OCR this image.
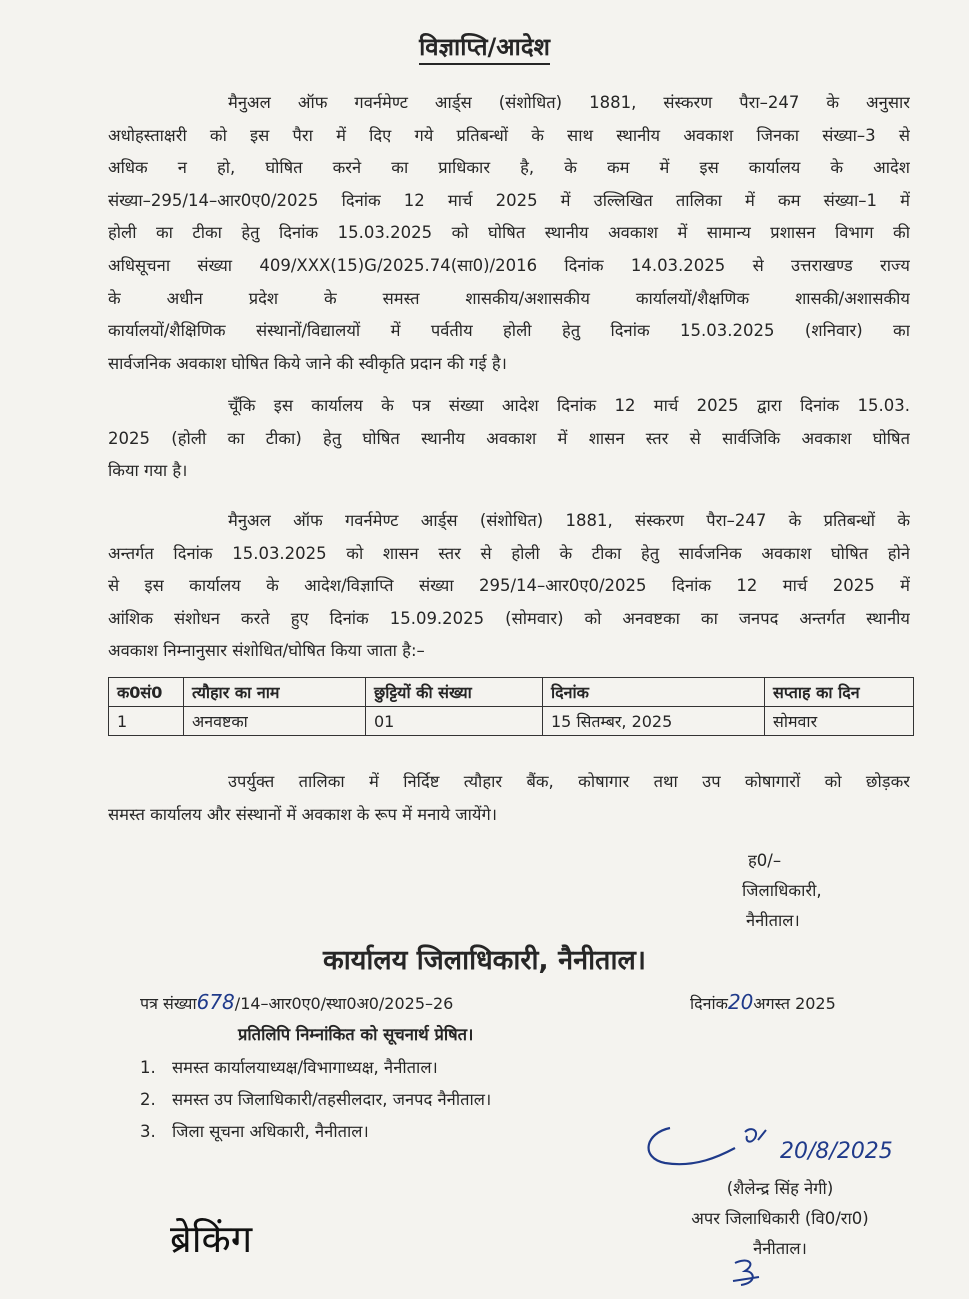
विज्ञाप्ति/आदेश
मैनुअल ऑफ गवर्नमेण्ट आर्ड्स (संशोधित) 1881, संस्करण पैरा–247 के अनुसार
अधोहस्ताक्षरी को इस पैरा में दिए गये प्रतिबन्धों के साथ स्थानीय अवकाश जिनका संख्या–3 से
अधिक न हो, घोषित करने का प्राधिकार है, के कम में इस कार्यालय के आदेश
संख्या–295/14–आर0ए0/2025 दिनांक 12 मार्च 2025 में उल्लिखित तालिका में कम संख्या–1 में
होली का टीका हेतु दिनांक 15.03.2025 को घोषित स्थानीय अवकाश में सामान्य प्रशासन विभाग की
अधिसूचना संख्या 409/XXX(15)G/2025.74(सा0)/2016 दिनांक 14.03.2025 से उत्तराखण्ड राज्य
के अधीन प्रदेश के समस्त शासकीय/अशासकीय कार्यालयों/शैक्षणिक शासकी/अशासकीय
कार्यालयों/शैक्षिणिक संस्थानों/विद्यालयों में पर्वतीय होली हेतु दिनांक 15.03.2025 (शनिवार) का
सार्वजनिक अवकाश घोषित किये जाने की स्वीकृति प्रदान की गई है।
चूँकि इस कार्यालय के पत्र संख्या आदेश दिनांक 12 मार्च 2025 द्वारा दिनांक 15.03.
2025 (होली का टीका) हेतु घोषित स्थानीय अवकाश में शासन स्तर से सार्वजिकि अवकाश घोषित
किया गया है।
मैनुअल ऑफ गवर्नमेण्ट आर्ड्स (संशोधित) 1881, संस्करण पैरा–247 के प्रतिबन्धों के
अन्तर्गत दिनांक 15.03.2025 को शासन स्तर से होली के टीका हेतु सार्वजनिक अवकाश घोषित होने
से इस कार्यालय के आदेश/विज्ञाप्ति संख्या 295/14–आर0ए0/2025 दिनांक 12 मार्च 2025 में
आंशिक संशोधन करते हुए दिनांक 15.09.2025 (सोमवार) को अनवष्टका का जनपद अन्तर्गत स्थानीय
अवकाश निम्नानुसार संशोधित/घोषित किया जाता है:–
क0सं0	त्यौहार का नाम	छुट्टियों की संख्या	दिनांक	सप्ताह का दिन
1	अनवष्टका	01	15 सितम्बर, 2025	सोमवार
उपर्युक्त तालिका में निर्दिष्ट त्यौहार बैंक, कोषागार तथा उप कोषागारों को छोड़कर
समस्त कार्यालय और संस्थानों में अवकाश के रूप में मनाये जायेंगे।
ह0/–
जिलाधिकारी,
नैनीताल।
कार्यालय जिलाधिकारी, नैनीताल।
पत्र संख्या678/14–आर0ए0/स्था0अ0/2025–26	दिनांक20अगस्त 2025
प्रतिलिपि निम्नांकित को सूचनार्थ प्रेषित।
1. समस्त कार्यालयाध्यक्ष/विभागाध्यक्ष, नैनीताल।
2. समस्त उप जिलाधिकारी/तहसीलदार, जनपद नैनीताल।
3. जिला सूचना अधिकारी, नैनीताल।
20/8/2025
(शैलेन्द्र सिंह नेगी)
अपर जिलाधिकारी (वि0/रा0)
नैनीताल।
ब्रेकिंग
